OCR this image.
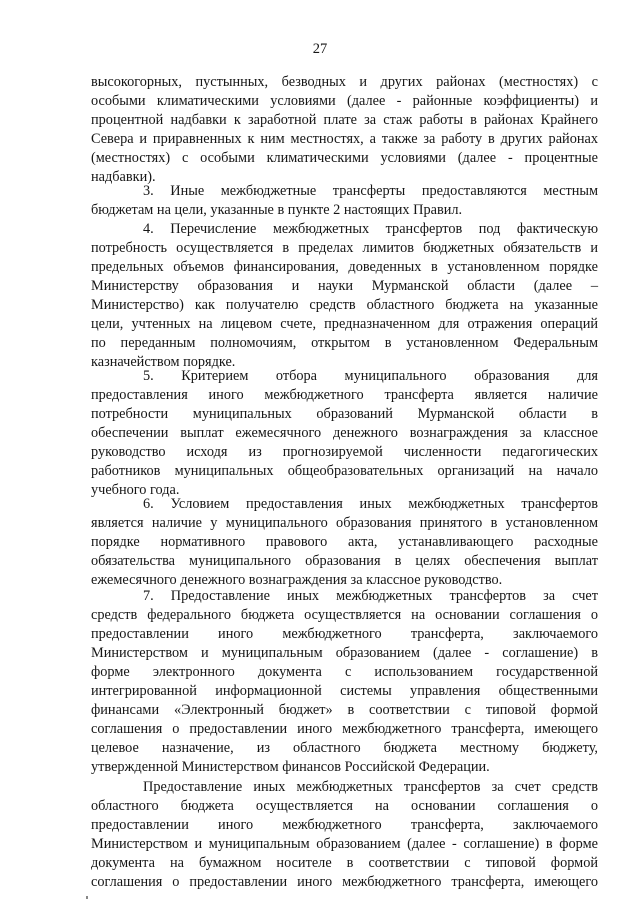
27
высокогорных, пустынных, безводных и других районах (местностях) с
особыми климатическими условиями (далее - районные коэффициенты) и
процентной надбавки к заработной плате за стаж работы в районах Крайнего
Севера и приравненных к ним местностях, а также за работу в других районах
(местностях) с особыми климатическими условиями (далее - процентные
надбавки).
3. Иные межбюджетные трансферты предоставляются местным
бюджетам на цели, указанные в пункте 2 настоящих Правил.
4. Перечисление межбюджетных трансфертов под фактическую
потребность осуществляется в пределах лимитов бюджетных обязательств и
предельных объемов финансирования, доведенных в установленном порядке
Министерству образования и науки Мурманской области (далее –
Министерство) как получателю средств областного бюджета на указанные
цели, учтенных на лицевом счете, предназначенном для отражения операций
по переданным полномочиям, открытом в установленном Федеральным
казначейством порядке.
5. Критерием отбора муниципального образования для
предоставления иного межбюджетного трансферта является наличие
потребности муниципальных образований Мурманской области в
обеспечении выплат ежемесячного денежного вознаграждения за классное
руководство исходя из прогнозируемой численности педагогических
работников муниципальных общеобразовательных организаций на начало
учебного года.
6. Условием предоставления иных межбюджетных трансфертов
является наличие у муниципального образования принятого в установленном
порядке нормативного правового акта, устанавливающего расходные
обязательства муниципального образования в целях обеспечения выплат
ежемесячного денежного вознаграждения за классное руководство.
7. Предоставление иных межбюджетных трансфертов за счет
средств федерального бюджета осуществляется на основании соглашения о
предоставлении иного межбюджетного трансферта, заключаемого
Министерством и муниципальным образованием (далее - соглашение) в
форме электронного документа с использованием государственной
интегрированной информационной системы управления общественными
финансами «Электронный бюджет» в соответствии с типовой формой
соглашения о предоставлении иного межбюджетного трансферта, имеющего
целевое назначение, из областного бюджета местному бюджету,
утвержденной Министерством финансов Российской Федерации.
Предоставление иных межбюджетных трансфертов за счет средств
областного бюджета осуществляется на основании соглашения о
предоставлении иного межбюджетного трансферта, заключаемого
Министерством и муниципальным образованием (далее - соглашение) в форме
документа на бумажном носителе в соответствии с типовой формой
соглашения о предоставлении иного межбюджетного трансферта, имеющего
